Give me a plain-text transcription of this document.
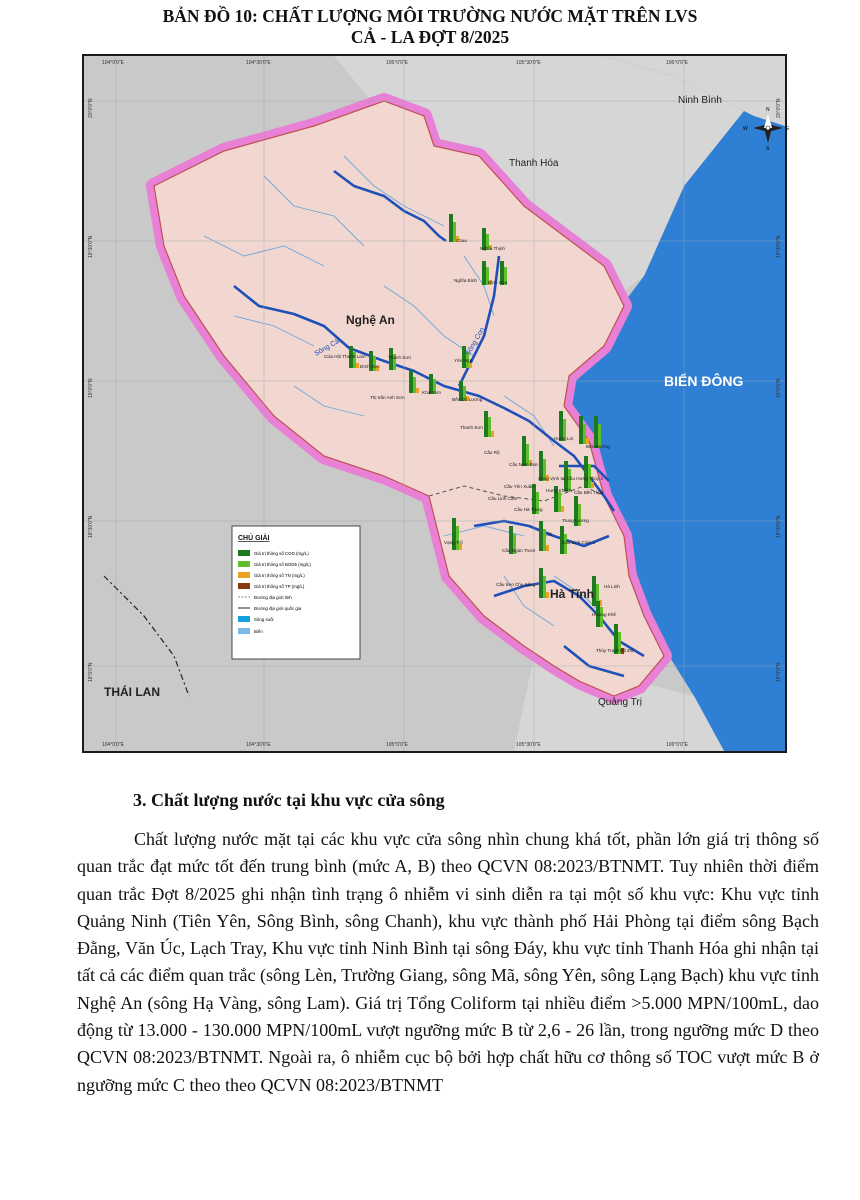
BẢN ĐỒ 10: CHẤT LƯỢNG MÔI TRƯỜNG NƯỚC MẶT TRÊN LVS
CẢ - LA ĐỢT 8/2025
104°0'0"E	104°30'0"E	105°0'0"E	105°30'0"E	106°0'0"E
104°0'0"E	104°30'0"E	105°0'0"E	105°30'0"E	106°0'0"E
20°0'0"N
19°30'0"N
19°0'0"N
18°30'0"N
18°0'0"N
20°0'0"N
19°30'0"N
19°0'0"N
18°30'0"N
18°0'0"N
Ninh Bình
Thanh Hóa
Nghệ An
BIỂN ĐÔNG
Hà Tĩnh
Quảng Trị
THÁI LAN
Sông Cả	Sông Con
Chau
Nghĩa Thịnh
Nghĩa Bình Đinh Hòa
Cửa Hội Thanh Lam	Thành Sơn
Đình Sơn
Yên Hợp
Thị trấn Anh Sơn
Khai Sơn
Bến Đô Lương
Thanh Sơn
Hưng Lợi
Bến Đường
Cầu Rộ
Cầu Nam Đàn
Sông Vịnh tại Cầu Hưng Thủy 2
Cầu Yên Xuân
Hưng Khánh Cầu Bến Thủy
Cầu Linh Cảm
Cầu Hà Trung
Trung Lương
Vạng Trổ
Xã
Cầu Linh Cảm 1
Cầu Ngàn Trươi
Cầu treo Chu Sông	Hà Linh
Hương Khê
Thủy Trạch Hộ Độ
N
S
E
W
CHÚ GIẢI
Giá trị thông số COD (mg/L)
Giá trị thông số BOD5 (mg/L)
Giá trị thông số TN (mg/L)
Giá trị thông số TP (mg/L)
Đường địa giới tỉnh
Đường địa giới quốc gia
Sông suối
Biển
3. Chất lượng nước tại khu vực cửa sông

Chất lượng nước mặt tại các khu vực cửa sông nhìn chung khá tốt, phần lớn giá trị thông số quan trắc đạt mức tốt đến trung bình (mức A, B) theo QCVN 08:2023/BTNMT. Tuy nhiên thời điểm quan trắc Đợt 8/2025 ghi nhận tình trạng ô nhiễm vi sinh diễn ra tại một số khu vực: Khu vực tỉnh Quảng Ninh (Tiên Yên, Sông Bình, sông Chanh), khu vực thành phố Hải Phòng tại điểm sông Bạch Đằng, Văn Úc, Lạch Tray, Khu vực tỉnh Ninh Bình tại sông Đáy, khu vực tỉnh Thanh Hóa ghi nhận tại tất cả các điểm quan trắc (sông Lèn, Trường Giang, sông Mã, sông Yên, sông Lạng Bạch) khu vực tỉnh Nghệ An (sông Hạ Vàng, sông Lam). Giá trị Tổng Coliform tại nhiều điểm >5.000 MPN/100mL, dao động từ 13.000 - 130.000 MPN/100mL vượt ngưỡng mức B từ 2,6 - 26 lần, trong ngưỡng mức D theo QCVN 08:2023/BTNMT. Ngoài ra, ô nhiễm cục bộ bởi hợp chất hữu cơ thông số TOC vượt mức B ở ngưỡng mức C theo theo QCVN 08:2023/BTNMT
